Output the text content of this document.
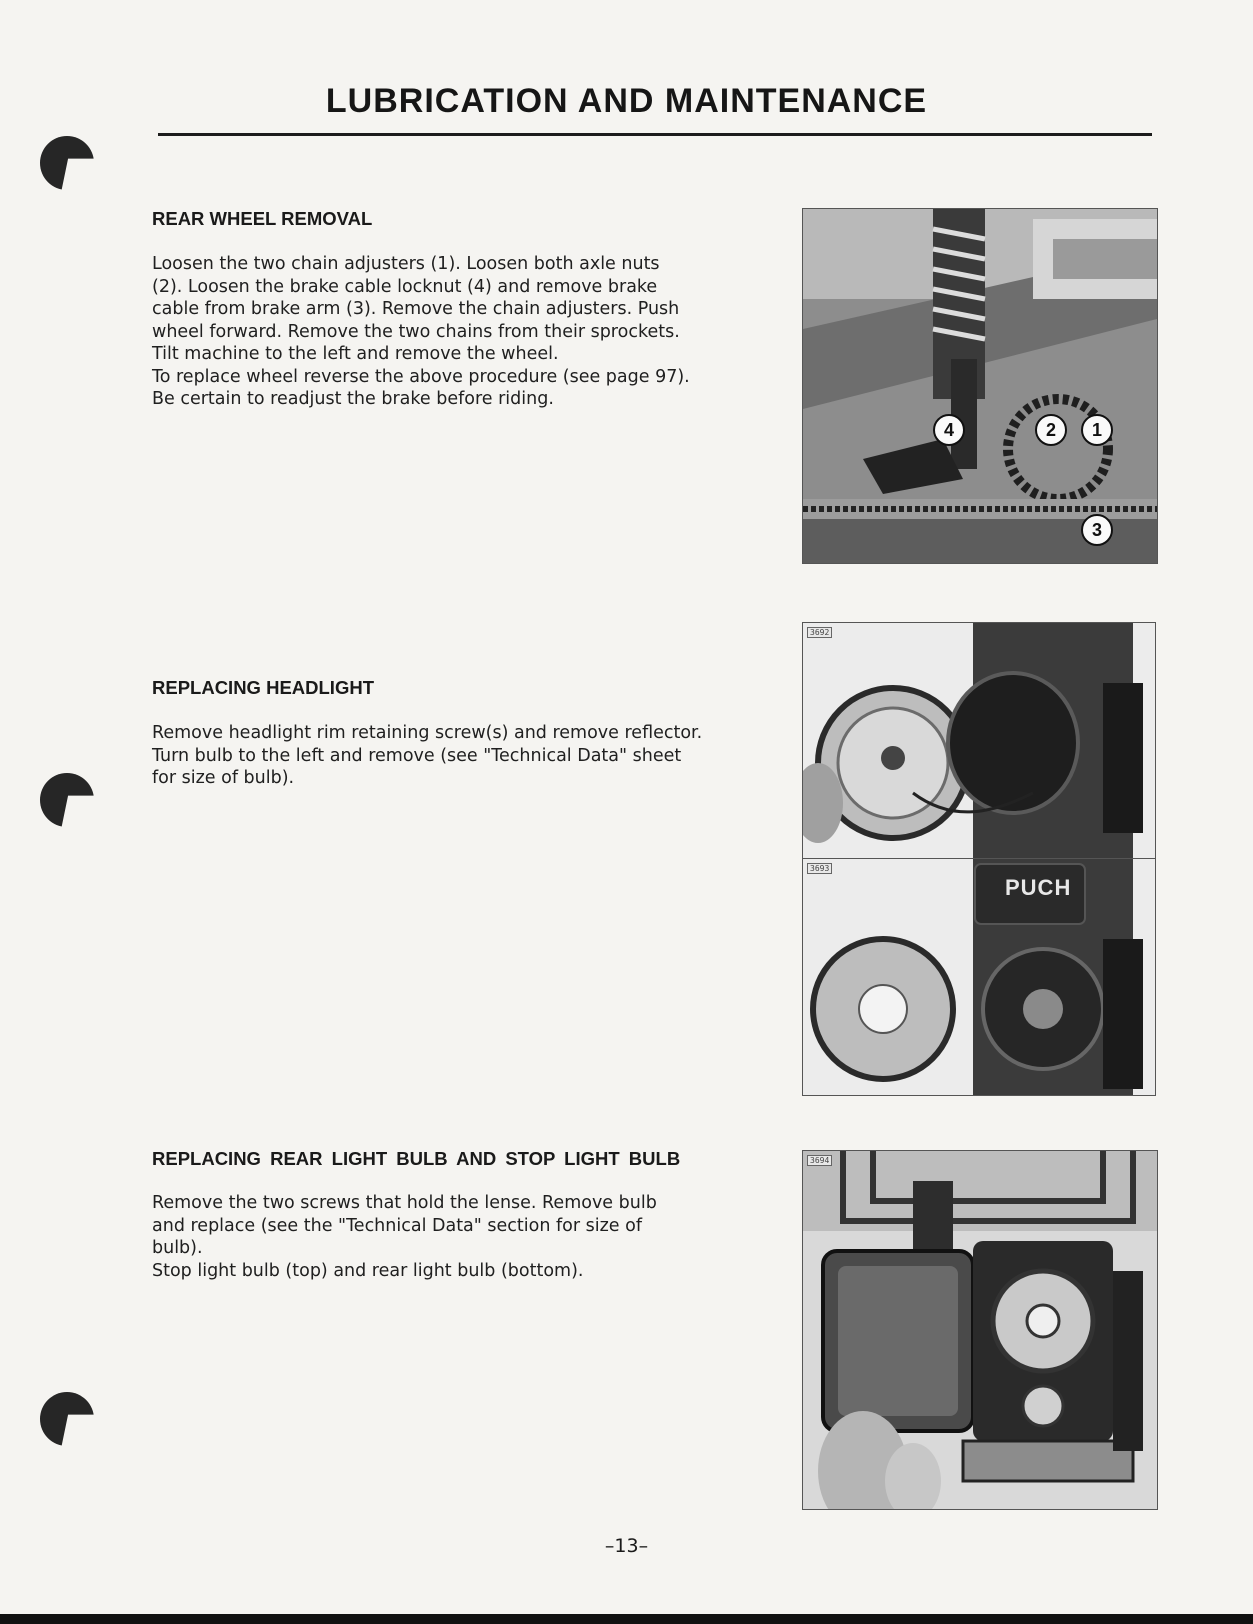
LUBRICATION AND MAINTENANCE
REAR WHEEL REMOVAL
Loosen the two chain adjusters (1). Loosen both axle nuts
(2). Loosen the brake cable locknut (4) and remove brake
cable from brake arm (3). Remove the chain adjusters. Push
wheel forward. Remove the two chains from their sprockets.
Tilt machine to the left and remove the wheel.
To replace wheel reverse the above procedure (see page 97).
Be certain to readjust the brake before riding.
4	2	1
3
REPLACING HEADLIGHT
Remove headlight rim retaining screw(s) and remove reflector.
Turn bulb to the left and remove (see "Technical Data" sheet
for size of bulb).
3692
3693
PUCH
REPLACING REAR LIGHT BULB AND STOP LIGHT BULB
Remove the two screws that hold the lense. Remove bulb
and replace (see the "Technical Data" section for size of
bulb).
Stop light bulb (top) and rear light bulb (bottom).
3694
–13–
